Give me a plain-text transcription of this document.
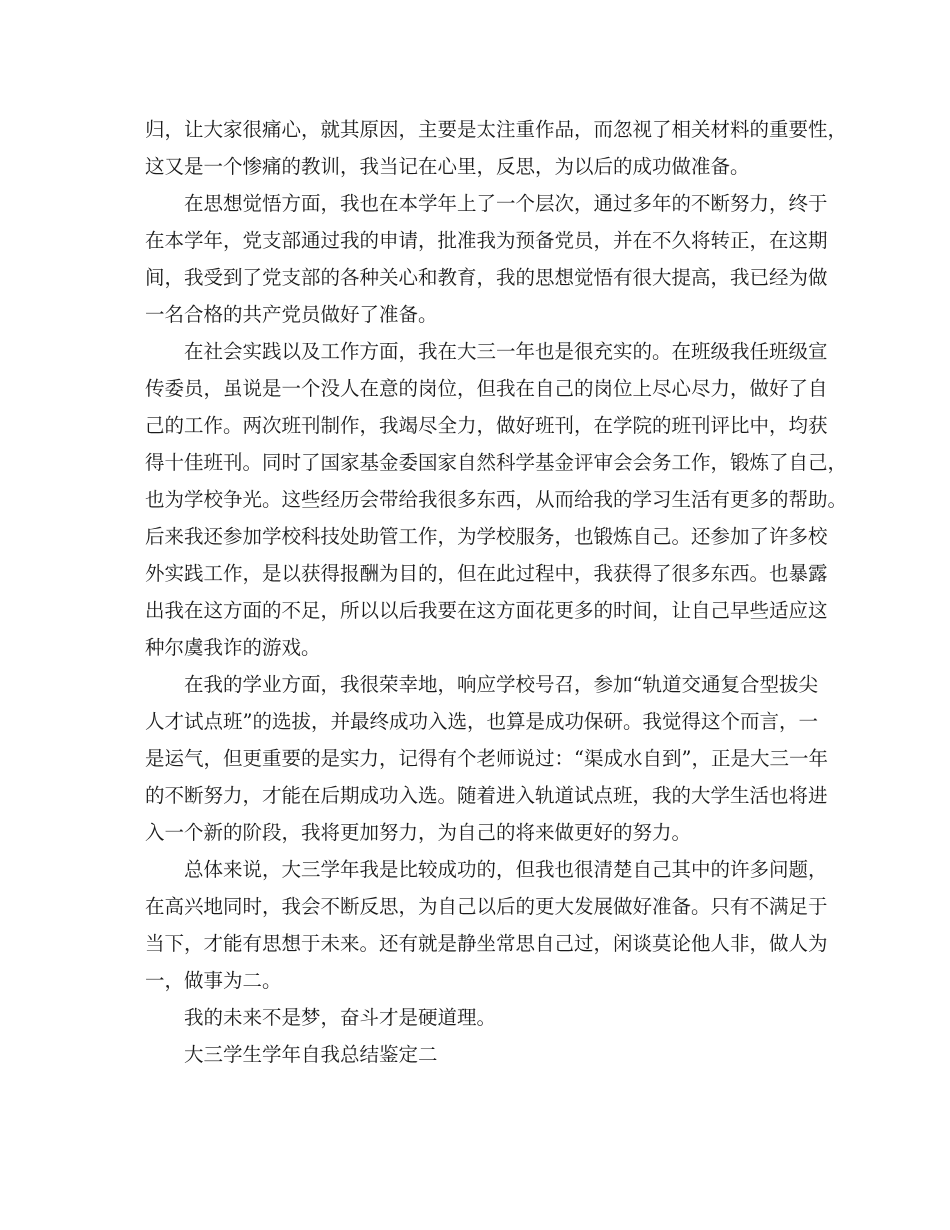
归，让大家很痛心，就其原因，主要是太注重作品，而忽视了相关材料的重要性，
这又是一个惨痛的教训，我当记在心里，反思，为以后的成功做准备。
在思想觉悟方面，我也在本学年上了一个层次，通过多年的不断努力，终于
在本学年，党支部通过我的申请，批准我为预备党员，并在不久将转正，在这期
间，我受到了党支部的各种关心和教育，我的思想觉悟有很大提高，我已经为做
一名合格的共产党员做好了准备。
在社会实践以及工作方面，我在大三一年也是很充实的。在班级我任班级宣
传委员，虽说是一个没人在意的岗位，但我在自己的岗位上尽心尽力，做好了自
己的工作。两次班刊制作，我竭尽全力，做好班刊，在学院的班刊评比中，均获
得十佳班刊。同时了国家基金委国家自然科学基金评审会会务工作，锻炼了自己，
也为学校争光。这些经历会带给我很多东西，从而给我的学习生活有更多的帮助。
后来我还参加学校科技处助管工作，为学校服务，也锻炼自己。还参加了许多校
外实践工作，是以获得报酬为目的，但在此过程中，我获得了很多东西。也暴露
出我在这方面的不足，所以以后我要在这方面花更多的时间，让自己早些适应这
种尔虞我诈的游戏。
在我的学业方面，我很荣幸地，响应学校号召，参加“轨道交通复合型拔尖
人才试点班”的选拔，并最终成功入选，也算是成功保研。我觉得这个而言，一
是运气，但更重要的是实力，记得有个老师说过：“渠成水自到”，正是大三一年
的不断努力，才能在后期成功入选。随着进入轨道试点班，我的大学生活也将进
入一个新的阶段，我将更加努力，为自己的将来做更好的努力。
总体来说，大三学年我是比较成功的，但我也很清楚自己其中的许多问题，
在高兴地同时，我会不断反思，为自己以后的更大发展做好准备。只有不满足于
当下，才能有思想于未来。还有就是静坐常思自己过，闲谈莫论他人非，做人为
一，做事为二。
我的未来不是梦，奋斗才是硬道理。
大三学生学年自我总结鉴定二
